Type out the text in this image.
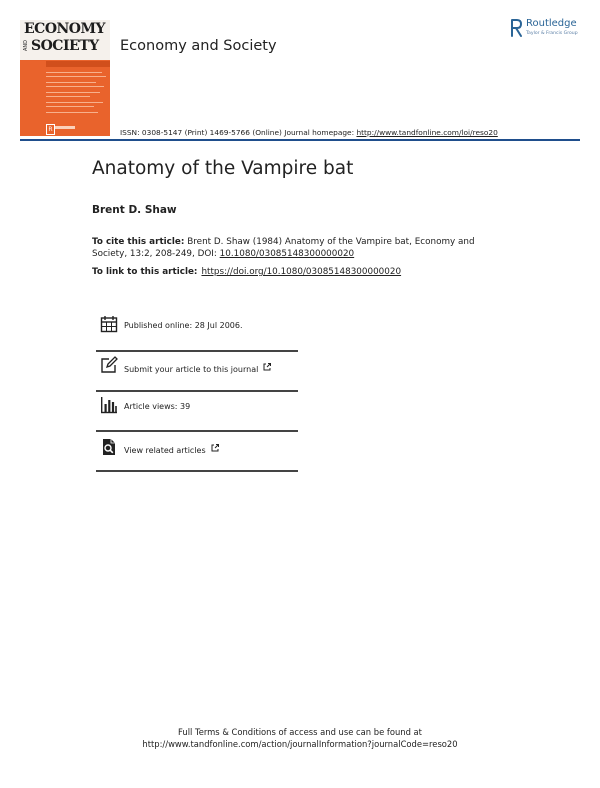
ECONOMY
AND SOCIETY
R
Economy and Society
Routledge
Taylor & Francis Group
ISSN: 0308-5147 (Print) 1469-5766 (Online) Journal homepage: http://www.tandfonline.com/loi/reso20
Anatomy of the Vampire bat
Brent D. Shaw
To cite this article: Brent D. Shaw (1984) Anatomy of the Vampire bat, Economy and Society, 13:2, 208-249, DOI: 10.1080/03085148300000020
To link to this article: https://doi.org/10.1080/03085148300000020
Published online: 28 Jul 2006.
Submit your article to this journal
Article views: 39
View related articles
Full Terms & Conditions of access and use can be found at
http://www.tandfonline.com/action/journalInformation?journalCode=reso20
